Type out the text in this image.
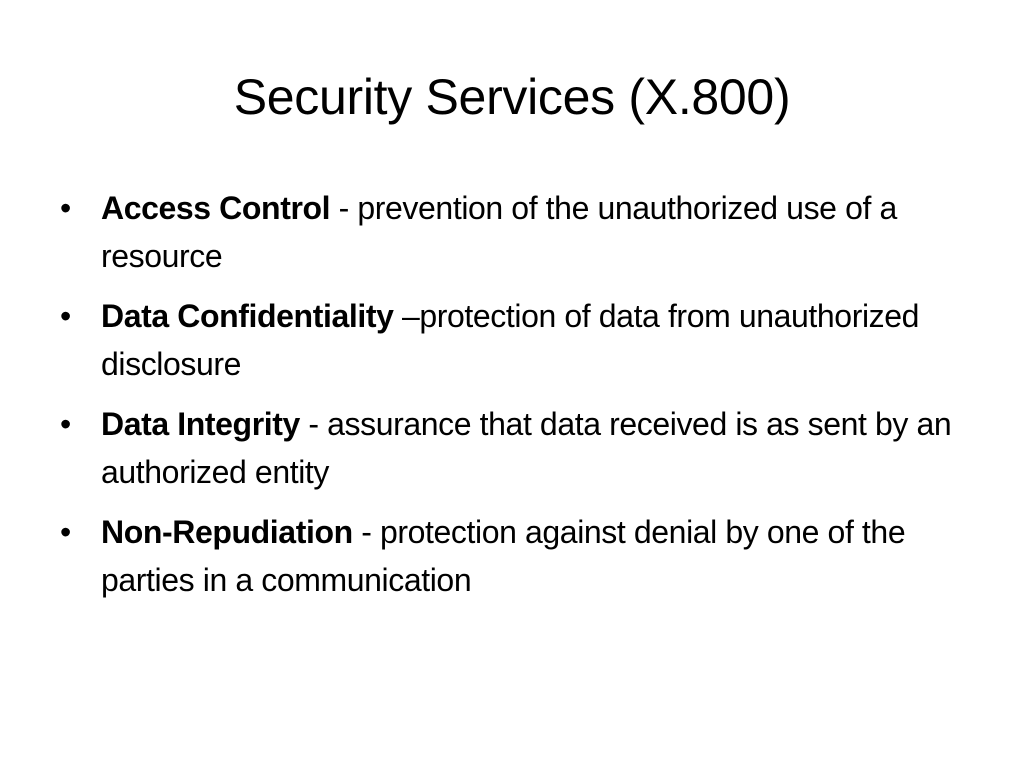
Security Services (X.800)
• Access Control - prevention of the unauthorized use of a resource
• Data Confidentiality –protection of data from unauthorized disclosure
• Data Integrity - assurance that data received is as sent by an authorized entity
• Non-Repudiation - protection against denial by one of the parties in a communication
